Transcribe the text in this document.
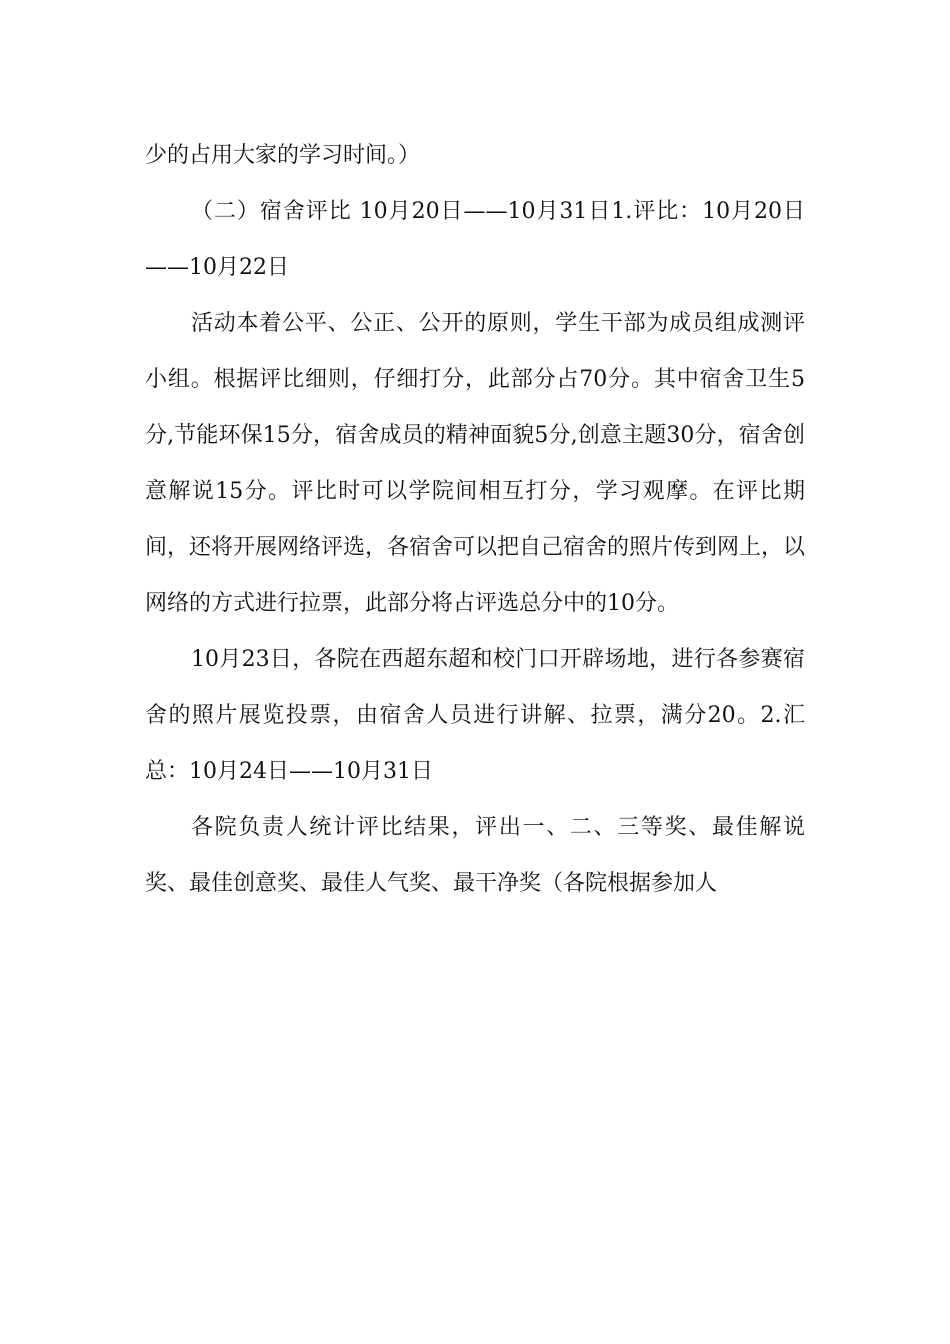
少的占用大家的学习时间。）

（二）宿舍评比 10月20日——10月31日1.评比：10月20日——10月22日

活动本着公平、公正、公开的原则，学生干部为成员组成测评小组。根据评比细则，仔细打分，此部分占70分。其中宿舍卫生5分,节能环保15分，宿舍成员的精神面貌5分,创意主题30分，宿舍创意解说15分。评比时可以学院间相互打分，学习观摩。在评比期间，还将开展网络评选，各宿舍可以把自己宿舍的照片传到网上，以网络的方式进行拉票，此部分将占评选总分中的10分。

10月23日，各院在西超东超和校门口开辟场地，进行各参赛宿舍的照片展览投票，由宿舍人员进行讲解、拉票，满分20。2.汇总：10月24日——10月31日

各院负责人统计评比结果，评出一、二、三等奖、最佳解说奖、最佳创意奖、最佳人气奖、最干净奖（各院根据参加人
